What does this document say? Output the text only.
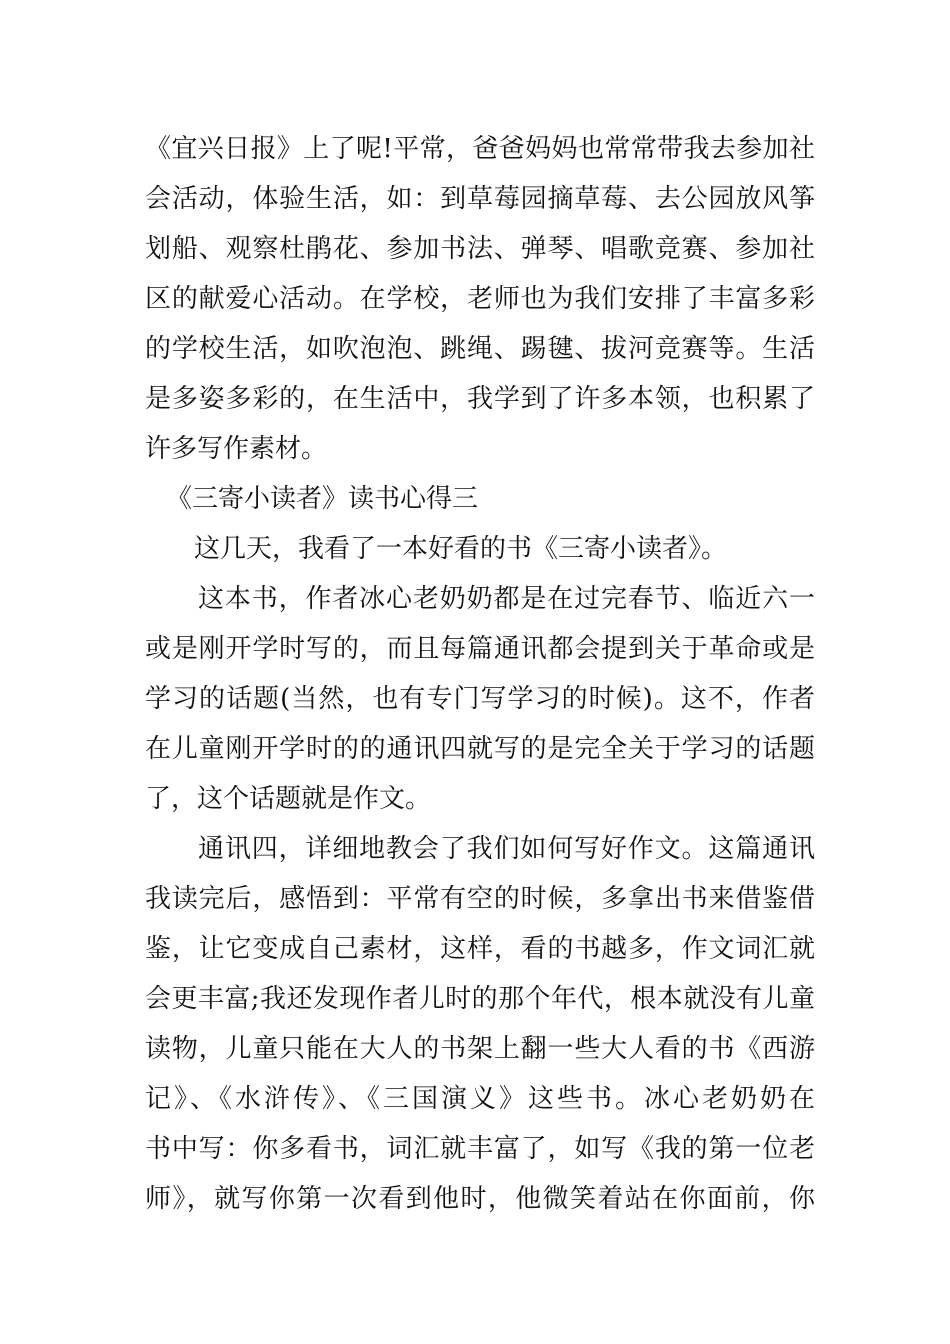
《宜兴日报》上了呢!平常，爸爸妈妈也常常带我去参加社
会活动，体验生活，如：到草莓园摘草莓、去公园放风筝
划船、观察杜鹃花、参加书法、弹琴、唱歌竞赛、参加社
区的献爱心活动。在学校，老师也为我们安排了丰富多彩
的学校生活，如吹泡泡、跳绳、踢毽、拔河竞赛等。生活
是多姿多彩的，在生活中，我学到了许多本领，也积累了
许多写作素材。
《三寄小读者》读书心得三
这几天，我看了一本好看的书《三寄小读者》。
这本书，作者冰心老奶奶都是在过完春节、临近六一
或是刚开学时写的，而且每篇通讯都会提到关于革命或是
学习的话题(当然，也有专门写学习的时候)。这不，作者
在儿童刚开学时的的通讯四就写的是完全关于学习的话题
了，这个话题就是作文。
通讯四，详细地教会了我们如何写好作文。这篇通讯
我读完后，感悟到：平常有空的时候，多拿出书来借鉴借
鉴，让它变成自己素材，这样，看的书越多，作文词汇就
会更丰富;我还发现作者儿时的那个年代，根本就没有儿童
读物，儿童只能在大人的书架上翻一些大人看的书《西游
记》、《水浒传》、《三国演义》这些书。冰心老奶奶在
书中写：你多看书，词汇就丰富了，如写《我的第一位老
师》，就写你第一次看到他时，他微笑着站在你面前，你
